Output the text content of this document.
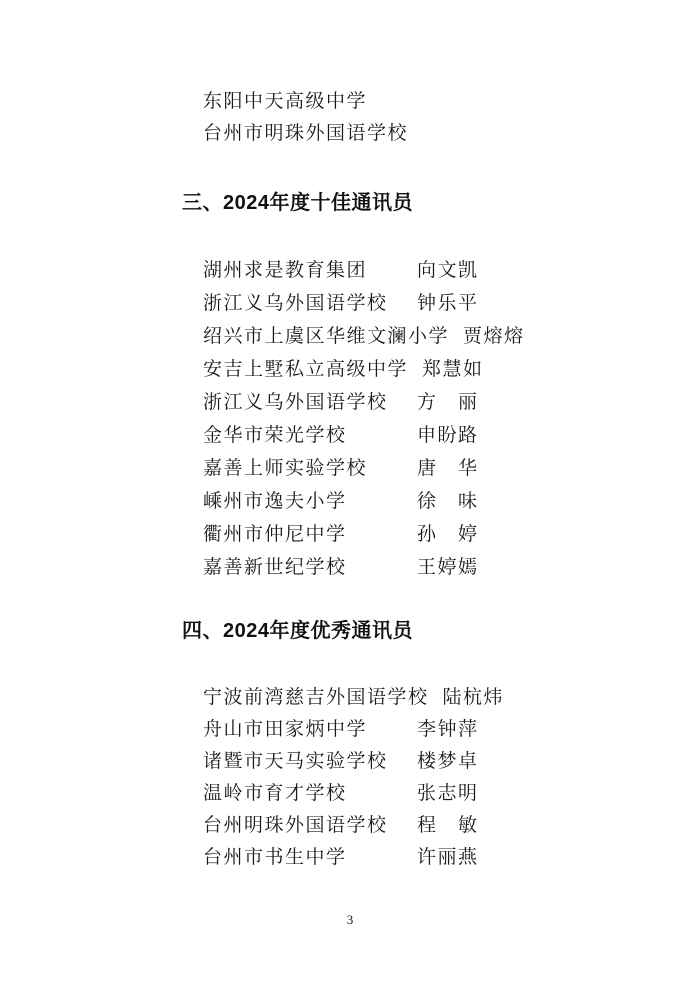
东阳中天高级中学
台州市明珠外国语学校
三、2024年度十佳通讯员
湖州求是教育集团	向文凯
浙江义乌外国语学校	钟乐平
绍兴市上虞区华维文澜小学 贾熔熔
安吉上墅私立高级中学 郑慧如
浙江义乌外国语学校	方　丽
金华市荣光学校	申盼路
嘉善上师实验学校	唐　华
嵊州市逸夫小学	徐　味
衢州市仲尼中学	孙　婷
嘉善新世纪学校	王婷嫣
四、2024年度优秀通讯员
宁波前湾慈吉外国语学校 陆杭炜
舟山市田家炳中学	李钟萍
诸暨市天马实验学校	楼梦卓
温岭市育才学校	张志明
台州明珠外国语学校	程　敏
台州市书生中学	许丽燕
3
